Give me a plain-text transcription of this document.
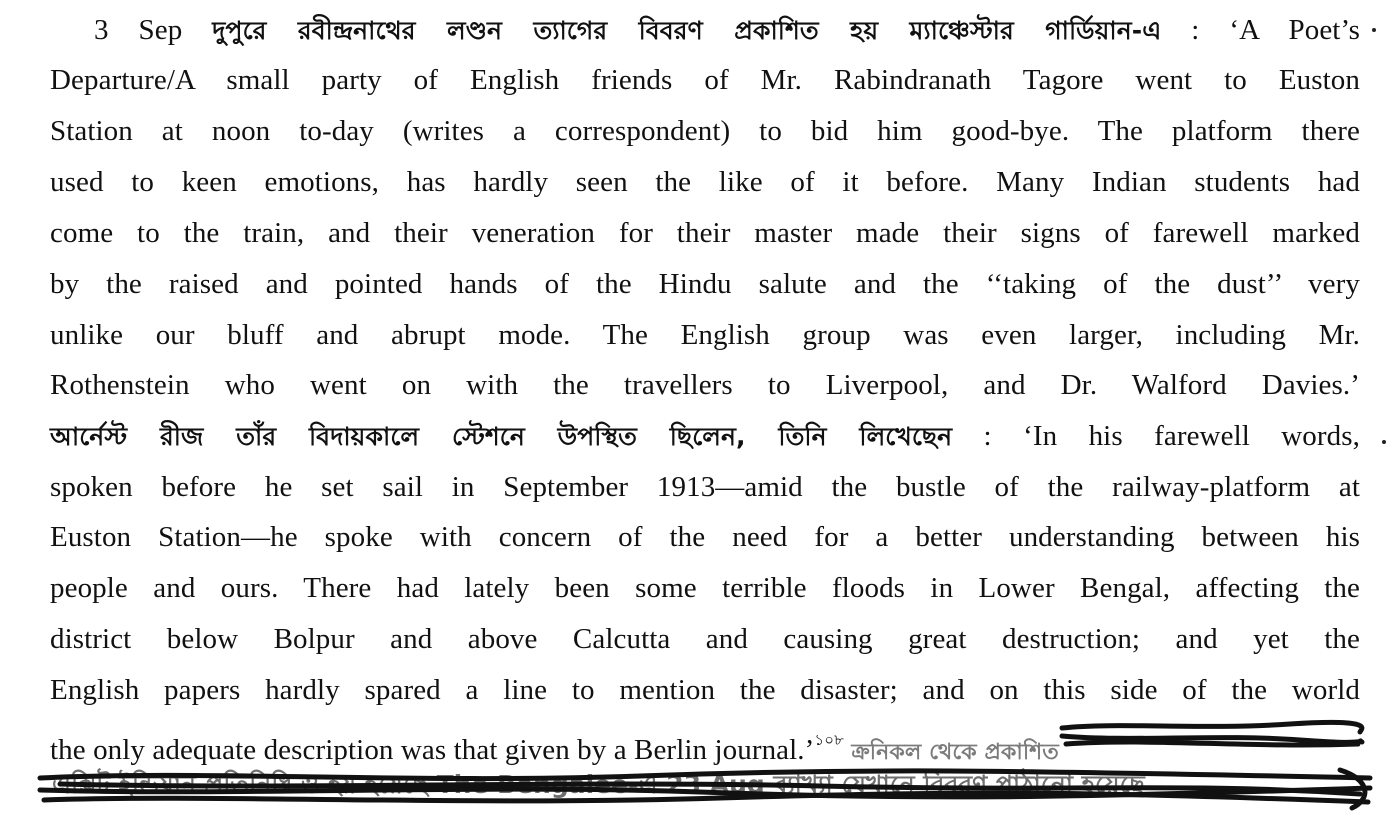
3 Sep দুপুরে রবীন্দ্রনাথের লণ্ডন ত্যাগের বিবরণ প্রকাশিত হয় ম্যাঞ্চেস্টার গার্ডিয়ান-এ : ‘A Poet’s
Departure/A small party of English friends of Mr. Rabindranath Tagore went to Euston
Station at noon to-day (writes a correspondent) to bid him good-bye. The platform there
used to keen emotions, has hardly seen the like of it before. Many Indian students had
come to the train, and their veneration for their master made their signs of farewell marked
by the raised and pointed hands of the Hindu salute and the ‘‘taking of the dust’’ very
unlike our bluff and abrupt mode. The English group was even larger, including Mr.
Rothenstein who went on with the travellers to Liverpool, and Dr. Walford Davies.’
আর্নেস্ট রীজ তাঁর বিদায়কালে স্টেশনে উপস্থিত ছিলেন, তিনি লিখেছেন : ‘In his farewell words,
spoken before he set sail in September 1913—amid the bustle of the railway-platform at
Euston Station—he spoke with concern of the need for a better understanding between his
people and ours. There had lately been some terrible floods in Lower Bengal, affecting the
district below Bolpur and above Calcutta and causing great destruction; and yet the
English papers hardly spared a line to mention the disaster; and on this side of the world
the only adequate description was that given by a Berlin journal.’$^{১০৮}$ ক্রনিকল থেকে প্রকাশিত
এক্সিট ইন্ডিয়ান প্রতিনিধি ও হয় হয়েছে The Bengalee-এ 23 Aug ব্যাখ্যা যেখানে বিবরণ পাঠানো হয়েছে
